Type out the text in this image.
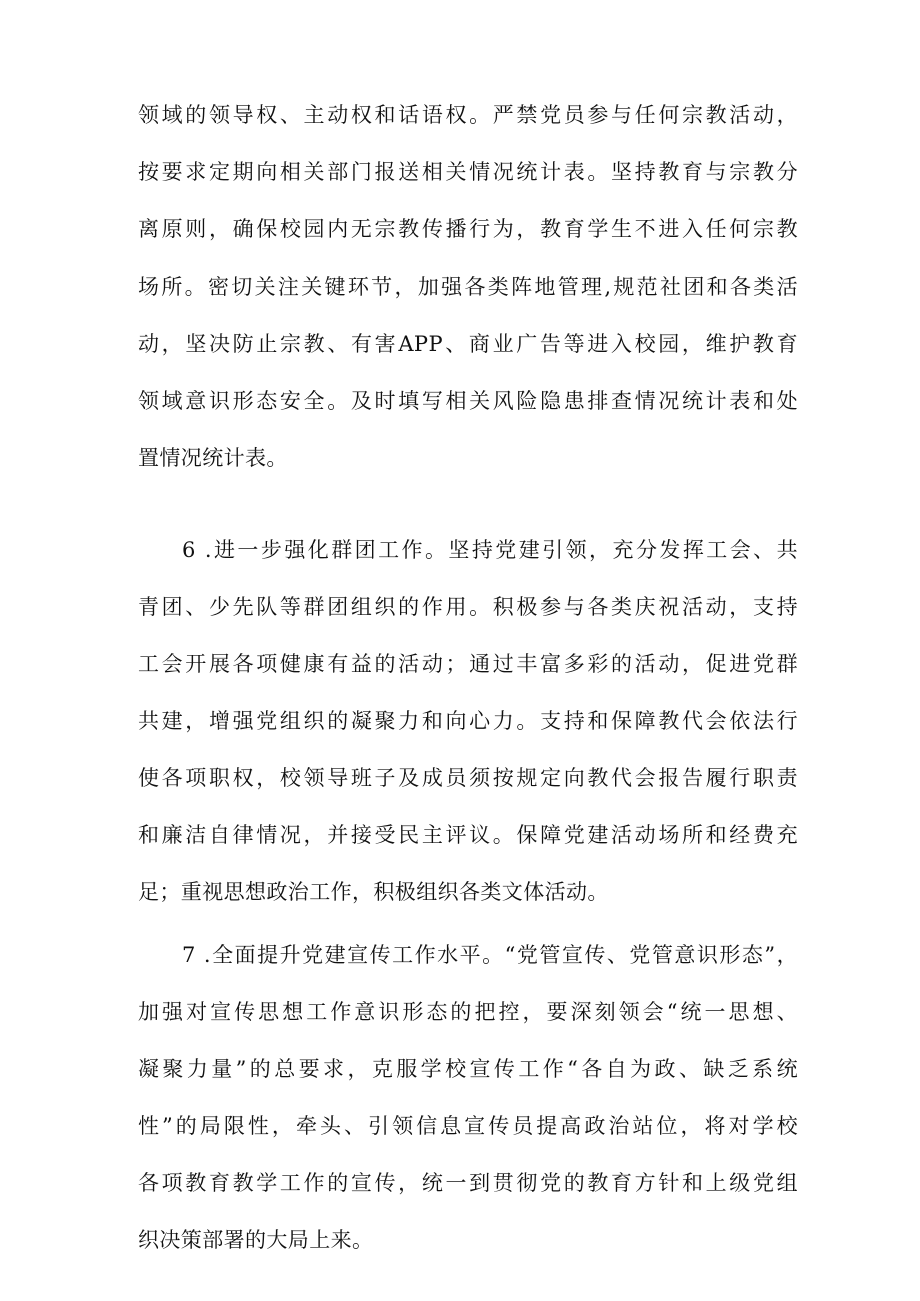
领域的领导权、主动权和话语权。严禁党员参与任何宗教活动，
按要求定期向相关部门报送相关情况统计表。坚持教育与宗教分
离原则，确保校园内无宗教传播行为，教育学生不进入任何宗教
场所。密切关注关键环节，加强各类阵地管理,规范社团和各类活
动，坚决防止宗教、有害APP、商业广告等进入校园，维护教育
领域意识形态安全。及时填写相关风险隐患排查情况统计表和处
置情况统计表。
6 .进一步强化群团工作。坚持党建引领，充分发挥工会、共
青团、少先队等群团组织的作用。积极参与各类庆祝活动，支持
工会开展各项健康有益的活动；通过丰富多彩的活动，促进党群
共建，增强党组织的凝聚力和向心力。支持和保障教代会依法行
使各项职权，校领导班子及成员须按规定向教代会报告履行职责
和廉洁自律情况，并接受民主评议。保障党建活动场所和经费充
足；重视思想政治工作，积极组织各类文体活动。
7 .全面提升党建宣传工作水平。“党管宣传、党管意识形态”，
加强对宣传思想工作意识形态的把控，要深刻领会“统一思想、
凝聚力量”的总要求，克服学校宣传工作“各自为政、缺乏系统
性”的局限性，牵头、引领信息宣传员提高政治站位，将对学校
各项教育教学工作的宣传，统一到贯彻党的教育方针和上级党组
织决策部署的大局上来。
